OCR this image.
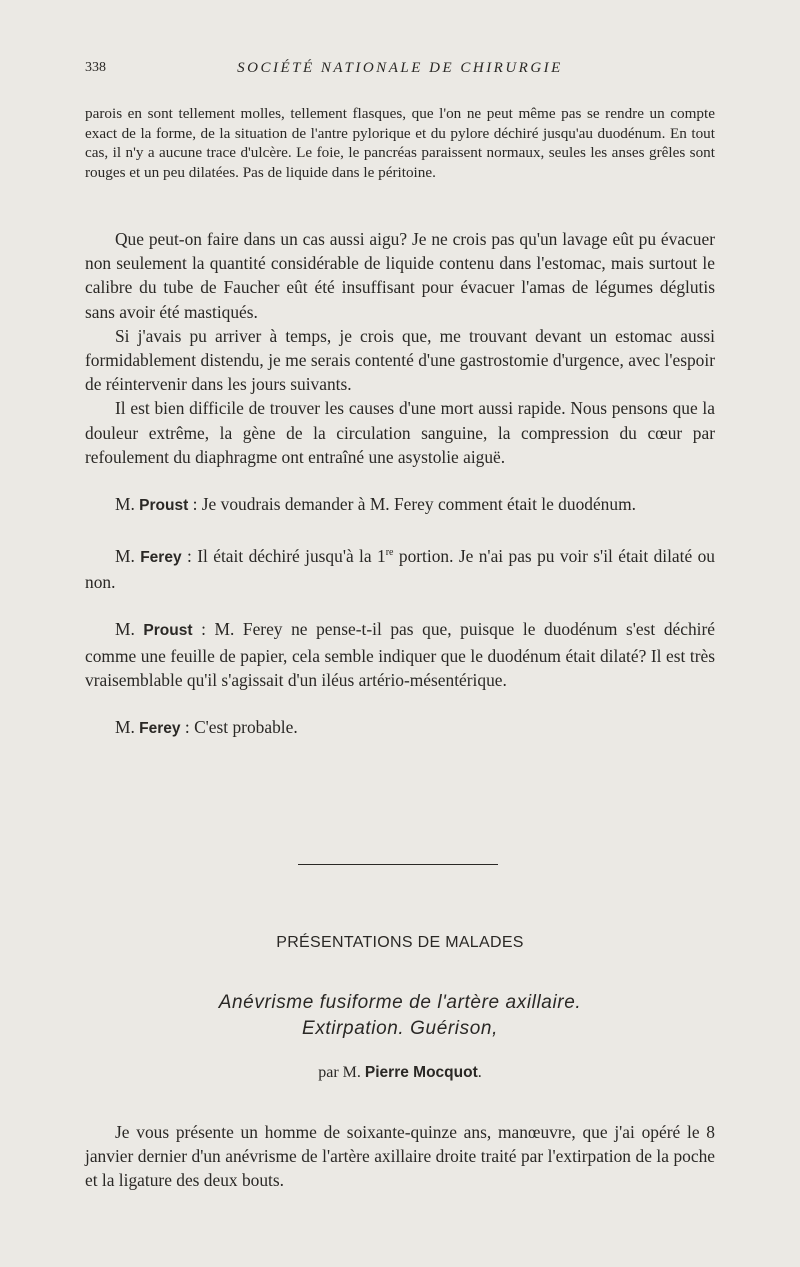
338	SOCIÉTÉ NATIONALE DE CHIRURGIE

parois en sont tellement molles, tellement flasques, que l'on ne peut même pas se rendre un compte exact de la forme, de la situation de l'antre pylorique et du pylore déchiré jusqu'au duodénum. En tout cas, il n'y a aucune trace d'ulcère. Le foie, le pancréas paraissent normaux, seules les anses grêles sont rouges et un peu dilatées. Pas de liquide dans le péritoine.

Que peut-on faire dans un cas aussi aigu? Je ne crois pas qu'un lavage eût pu évacuer non seulement la quantité considérable de liquide contenu dans l'estomac, mais surtout le calibre du tube de Faucher eût été insuffisant pour évacuer l'amas de légumes déglutis sans avoir été mastiqués.

Si j'avais pu arriver à temps, je crois que, me trouvant devant un estomac aussi formidablement distendu, je me serais contenté d'une gastrostomie d'urgence, avec l'espoir de réintervenir dans les jours suivants.

Il est bien difficile de trouver les causes d'une mort aussi rapide. Nous pensons que la douleur extrême, la gène de la circulation sanguine, la compression du cœur par refoulement du diaphragme ont entraîné une asystolie aiguë.

M. Proust : Je voudrais demander à M. Ferey comment était le duodénum.

M. Ferey : Il était déchiré jusqu'à la 1re portion. Je n'ai pas pu voir s'il était dilaté ou non.

M. Proust : M. Ferey ne pense-t-il pas que, puisque le duodénum s'est déchiré comme une feuille de papier, cela semble indiquer que le duodénum était dilaté? Il est très vraisemblable qu'il s'agissait d'un iléus artério-mésentérique.

M. Ferey : C'est probable.

PRÉSENTATIONS DE MALADES
Anévrisme fusiforme de l'artère axillaire.
Extirpation. Guérison,
par M. Pierre Mocquot.

Je vous présente un homme de soixante-quinze ans, manœuvre, que j'ai opéré le 8 janvier dernier d'un anévrisme de l'artère axillaire droite traité par l'extirpation de la poche et la ligature des deux bouts.
